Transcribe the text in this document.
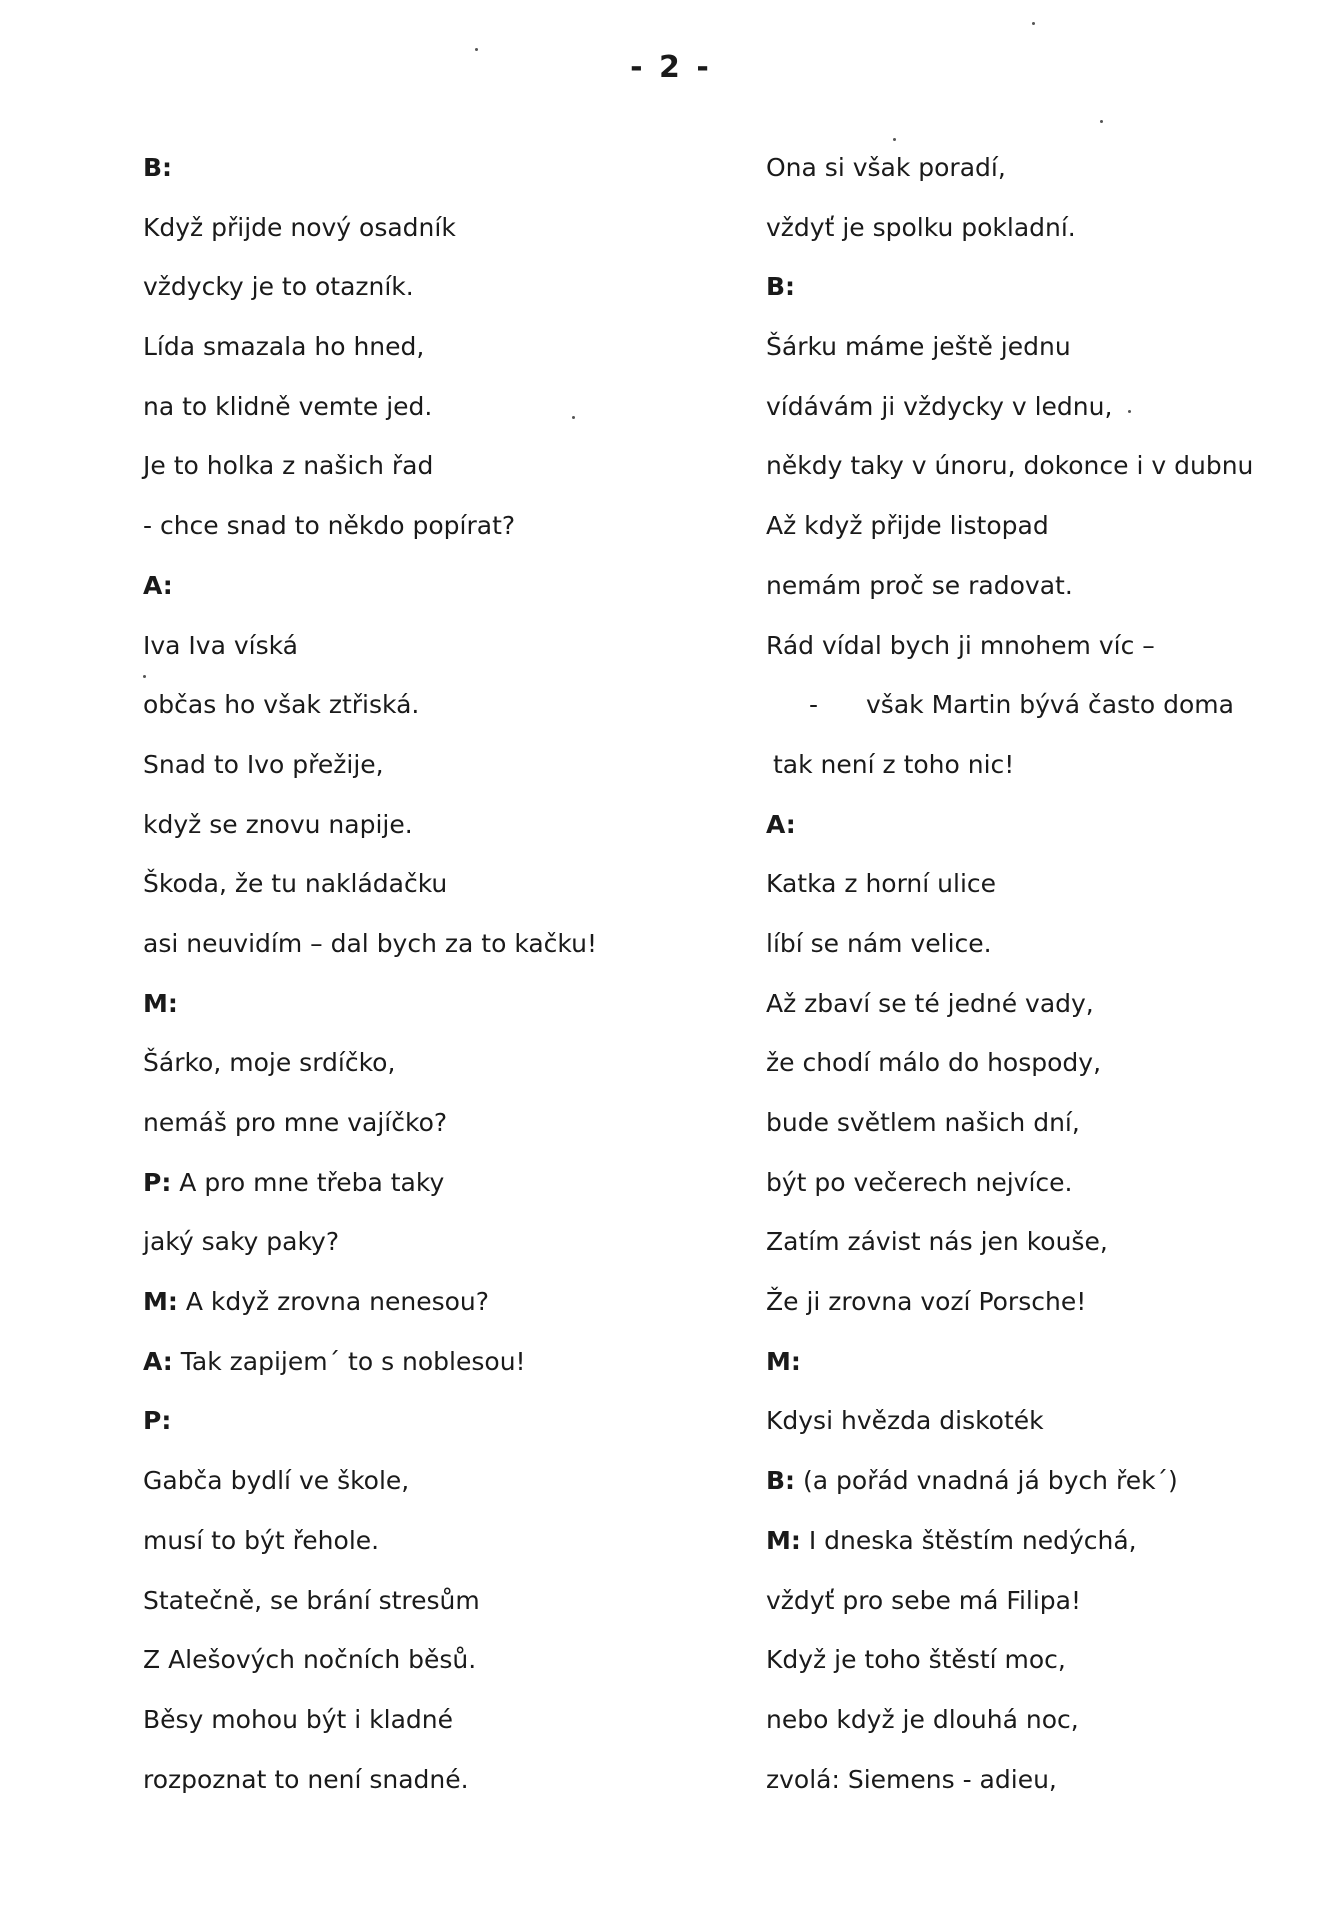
- 2 -
B:
Když přijde nový osadník
vždycky je to otazník.
Lída smazala ho hned,
na to klidně vemte jed.
Je to holka z našich řad
- chce snad to někdo popírat?
A:
Iva Iva víská
občas ho však ztřiská.
Snad to Ivo přežije,
když se znovu napije.
Škoda, že tu nakládačku
asi neuvidím – dal bych za to kačku!
M:
Šárko, moje srdíčko,
nemáš pro mne vajíčko?
P: A pro mne třeba taky
jaký saky paky?
M: A když zrovna nenesou?
A: Tak zapijem´ to s noblesou!
P:
Gabča bydlí ve škole,
musí to být řehole.
Statečně, se brání stresům
Z Alešových nočních běsů.
Běsy mohou být i kladné
rozpoznat to není snadné.
Ona si však poradí,
vždyť je spolku pokladní.
B:
Šárku máme ještě jednu
vídávám ji vždycky v lednu,
někdy taky v únoru, dokonce i v dubnu
Až když přijde listopad
nemám proč se radovat.
Rád vídal bych ji mnohem víc –
- však Martin bývá často doma
tak není z toho nic!
A:
Katka z horní ulice
líbí se nám velice.
Až zbaví se té jedné vady,
že chodí málo do hospody,
bude světlem našich dní,
být po večerech nejvíce.
Zatím závist nás jen kouše,
Že ji zrovna vozí Porsche!
M:
Kdysi hvězda diskoték
B: (a pořád vnadná já bych řek´)
M: I dneska štěstím nedýchá,
vždyť pro sebe má Filipa!
Když je toho štěstí moc,
nebo když je dlouhá noc,
zvolá: Siemens - adieu,
